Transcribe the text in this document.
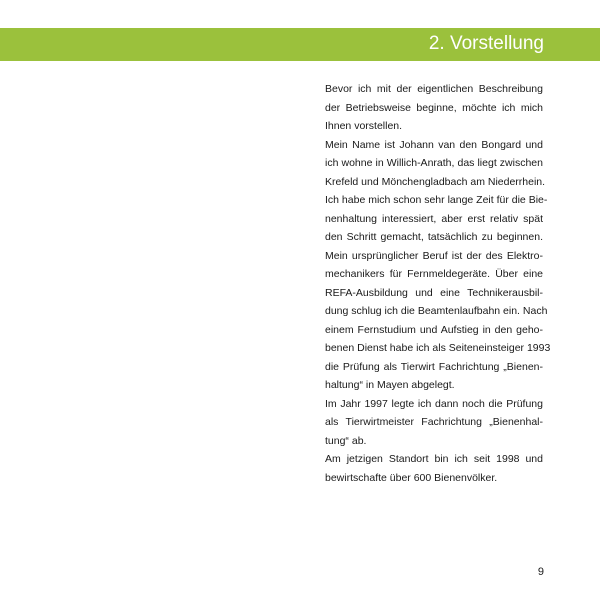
2. Vorstellung
Bevor ich mit der eigentlichen Beschreibung
der Betriebsweise beginne, möchte ich mich
Ihnen vorstellen.
Mein Name ist Johann van den Bongard und
ich wohne in Willich-Anrath, das liegt zwischen
Krefeld und Mönchengladbach am Niederrhein.
Ich habe mich schon sehr lange Zeit für die Bie-
nenhaltung interessiert, aber erst relativ spät
den Schritt gemacht, tatsächlich zu beginnen.
Mein ursprünglicher Beruf ist der des Elektro-
mechanikers für Fernmeldegeräte. Über eine
REFA-Ausbildung und eine Technikerausbil-
dung schlug ich die Beamtenlaufbahn ein. Nach
einem Fernstudium und Aufstieg in den geho-
benen Dienst habe ich als Seiteneinsteiger 1993
die Prüfung als Tierwirt Fachrichtung „Bienen-
haltung“ in Mayen abgelegt.
Im Jahr 1997 legte ich dann noch die Prüfung
als Tierwirtmeister Fachrichtung „Bienenhal-
tung“ ab.
Am jetzigen Standort bin ich seit 1998 und
bewirtschafte über 600 Bienenvölker.
9
